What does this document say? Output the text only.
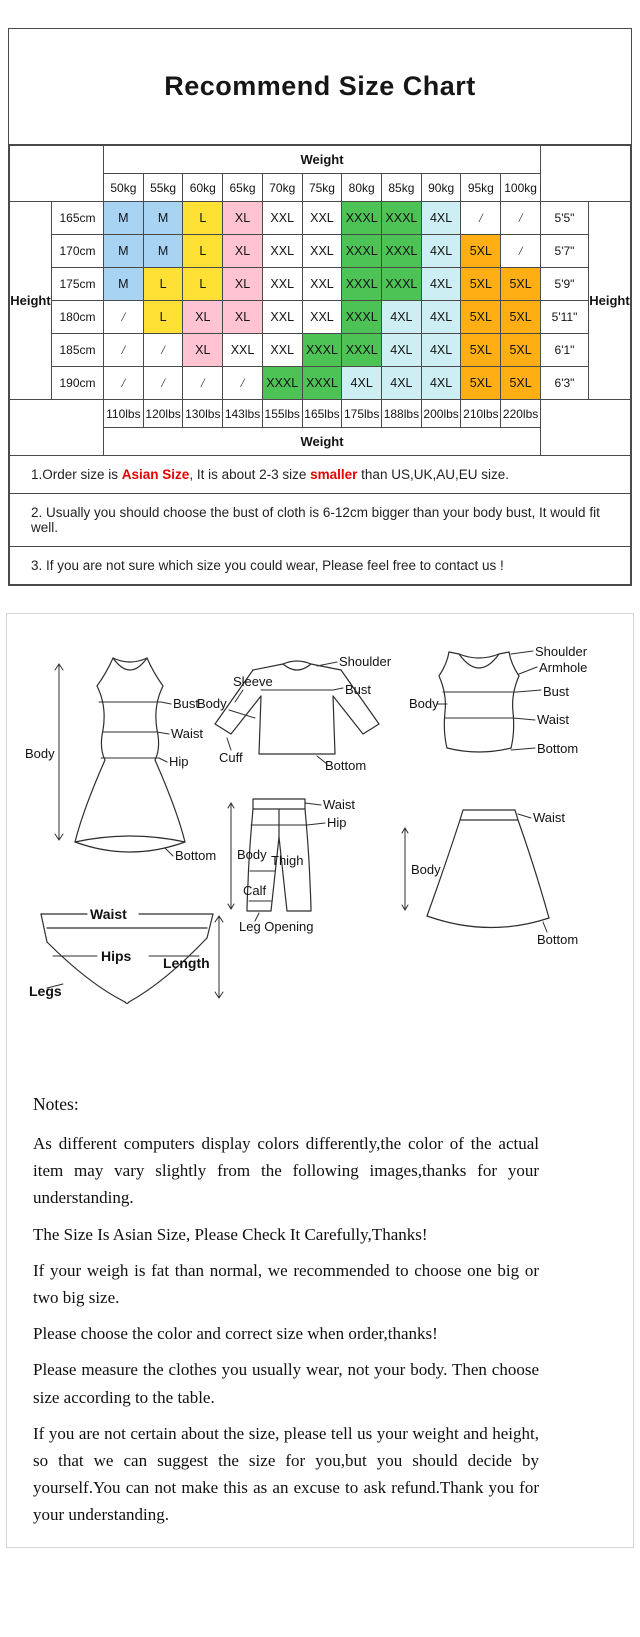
Recommend Size Chart
		Weight												
		50kg	55kg	60kg	65kg	70kg	75kg	80kg	85kg	90kg	95kg	100kg		
Height	165cm	M	M	L	XL	XXL	XXL	XXXL	XXXL	4XL	/	/	5'5"	Height
	170cm	M	M	L	XL	XXL	XXL	XXXL	XXXL	4XL	5XL	/	5'7"	
	175cm	M	L	L	XL	XXL	XXL	XXXL	XXXL	4XL	5XL	5XL	5'9"	
	180cm	/	L	XL	XL	XXL	XXL	XXXL	4XL	4XL	5XL	5XL	5'11"	
	185cm	/	/	XL	XXL	XXL	XXXL	XXXL	4XL	4XL	5XL	5XL	6'1"	
	190cm	/	/	/	/	XXXL	XXXL	4XL	4XL	4XL	5XL	5XL	6'3"	
		110lbs	120lbs	130lbs	143lbs	155lbs	165lbs	175lbs	188lbs	200lbs	210lbs	220lbs		
		Weight												
1.Order size is Asian Size, It is about 2-3 size smaller than US,UK,AU,EU size.														
2. Usually you should choose the bust of cloth is 6-12cm bigger than your body bust, It would fit well.														
3. If you are not sure which size you could wear, Please feel free to contact us !														
Bust
Waist
Hip
Body
Bottom
Shoulder
Sleeve
Body
Bust
Cuff
Bottom
Shoulder
Armhole
Bust
Body
Waist
Bottom
Waist
Hips
Legs
Length
Waist
Hip
Body Thigh
Calf
Leg Opening
Waist
Body
Bottom
Notes:

As different computers display colors differently,the color of the actual item may vary slightly from the following images,thanks for your understanding.

The Size Is Asian Size, Please Check It Carefully,Thanks!

If your weigh is fat than normal, we recommended to choose one big or two big size.

Please choose the color and correct size when order,thanks!

Please measure the clothes you usually wear, not your body. Then choose size according to the table.

If you are not certain about the size, please tell us your weight and height, so that we can suggest the size for you,but you should decide by yourself.You can not make this as an excuse to ask refund.Thank you for your understanding.
